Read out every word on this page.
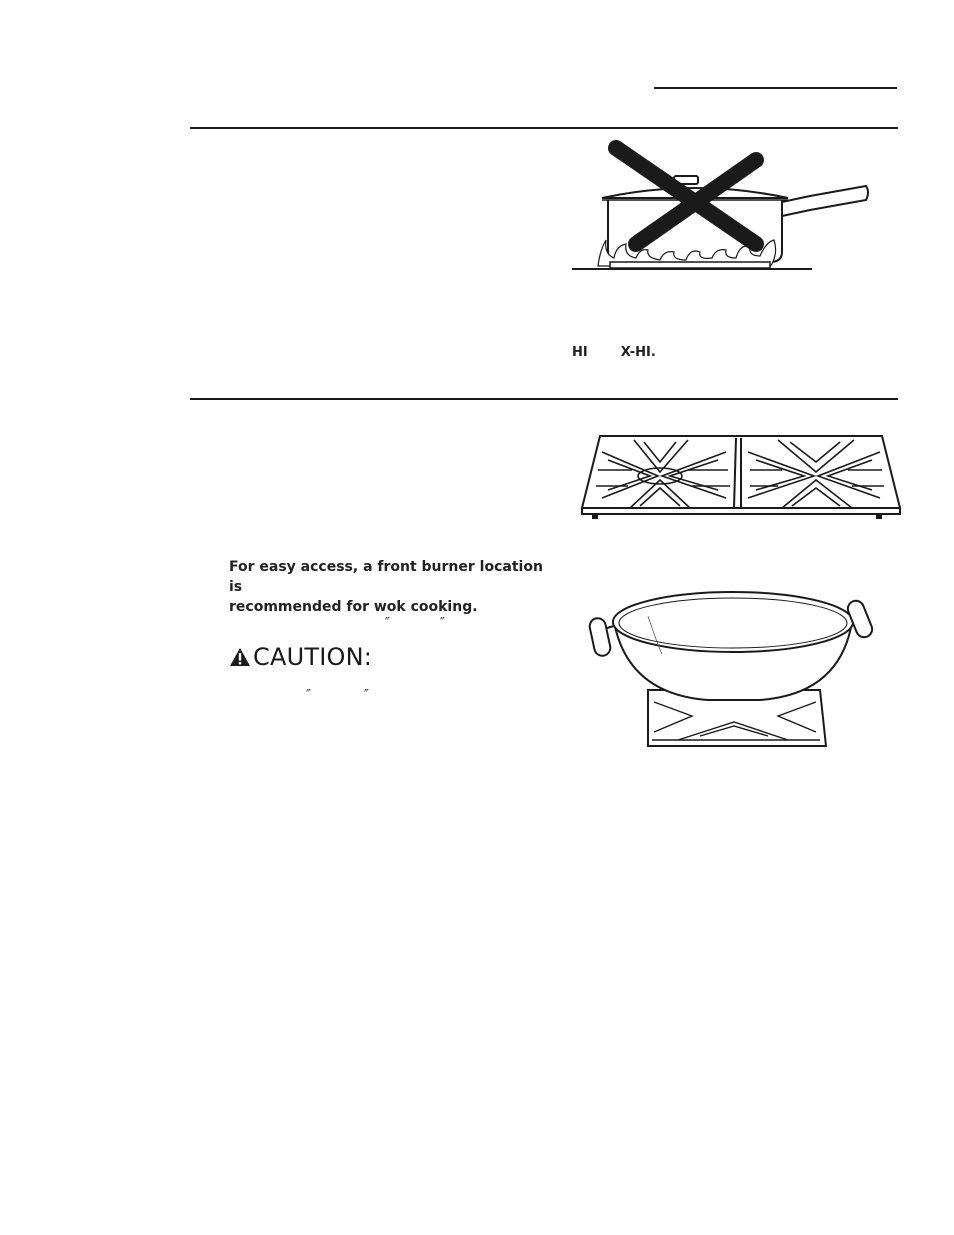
HI	X-HI.
For easy access, a front burner location is
recommended for wok cooking.
″	″
CAUTION:
″	″
